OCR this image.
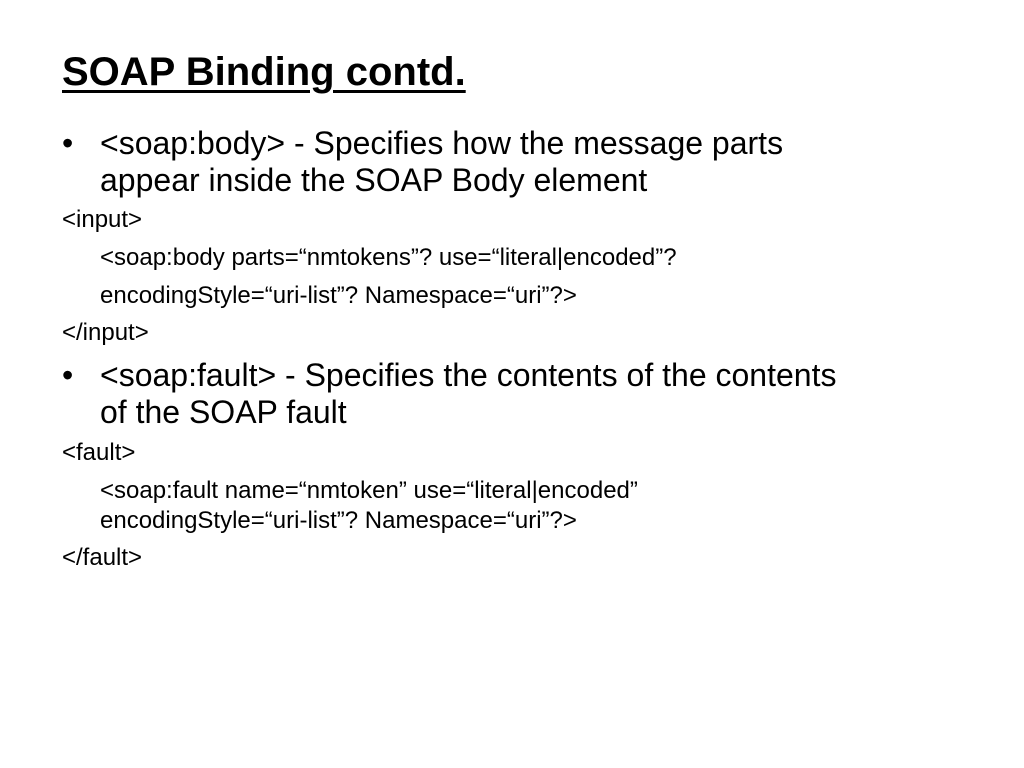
SOAP Binding contd.
• <soap:body> - Specifies how the message parts appear inside the SOAP Body element
<input>
<soap:body parts=“nmtokens”? use=“literal|encoded”?
encodingStyle=“uri-list”? Namespace=“uri”?>
</input>
• <soap:fault> - Specifies the contents of the contents of the SOAP fault
<fault>
<soap:fault name=“nmtoken” use=“literal|encoded” encodingStyle=“uri-list”? Namespace=“uri”?>
</fault>
